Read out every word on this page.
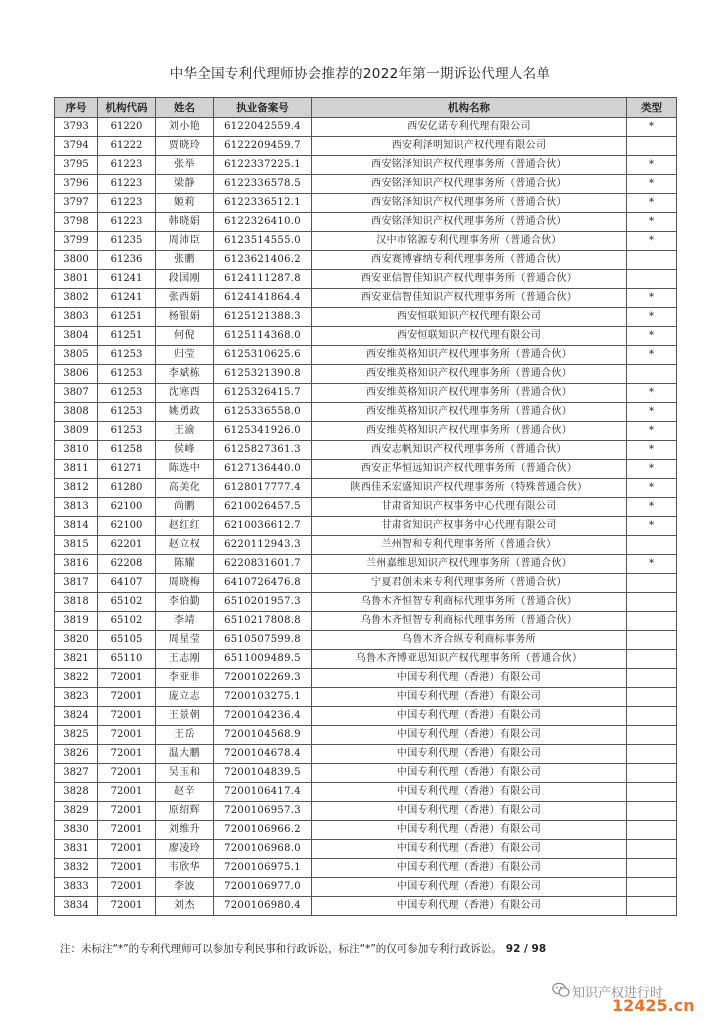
中华全国专利代理师协会推荐的2022年第一期诉讼代理人名单
序号	机构代码	姓名	执业备案号	机构名称	类型
3793	61220	刘小艳	6122042559.4	西安亿诺专利代理有限公司	*
3794	61222	贾晓玲	6122209459.7	西安利泽明知识产权代理有限公司	
3795	61223	张举	6122337225.1	西安铭泽知识产权代理事务所（普通合伙）	*
3796	61223	梁静	6122336578.5	西安铭泽知识产权代理事务所（普通合伙）	*
3797	61223	姬莉	6122336512.1	西安铭泽知识产权代理事务所（普通合伙）	*
3798	61223	韩晓娟	6122326410.0	西安铭泽知识产权代理事务所（普通合伙）	*
3799	61235	周沛臣	6123514555.0	汉中市铭源专利代理事务所（普通合伙）	*
3800	61236	张鹏	6123621406.2	西安赛博睿纳专利代理事务所（普通合伙）	
3801	61241	段国刚	6124111287.8	西安亚信智佳知识产权代理事务所（普通合伙）	
3802	61241	张西娟	6124141864.4	西安亚信智佳知识产权代理事务所（普通合伙）	*
3803	61251	杨银娟	6125121388.3	西安恒联知识产权代理有限公司	*
3804	61251	何倪	6125114368.0	西安恒联知识产权代理有限公司	*
3805	61253	归莹	6125310625.6	西安维英格知识产权代理事务所（普通合伙）	*
3806	61253	李斌栋	6125321390.8	西安维英格知识产权代理事务所（普通合伙）	
3807	61253	沈寒酉	6125326415.7	西安维英格知识产权代理事务所（普通合伙）	*
3808	61253	姚勇政	6125336558.0	西安维英格知识产权代理事务所（普通合伙）	*
3809	61253	王渝	6125341926.0	西安维英格知识产权代理事务所（普通合伙）	*
3810	61258	侯峰	6125827361.3	西安志帆知识产权代理事务所（普通合伙）	*
3811	61271	陈选中	6127136440.0	西安正华恒远知识产权代理事务所（普通合伙）	*
3812	61280	高美化	6128017777.4	陕西佳禾宏盛知识产权代理事务所（特殊普通合伙）	*
3813	62100	尚鹏	6210026457.5	甘肃省知识产权事务中心代理有限公司	*
3814	62100	赵红红	6210036612.7	甘肃省知识产权事务中心代理有限公司	*
3815	62201	赵立权	6220112943.3	兰州智和专利代理事务所（普通合伙）	
3816	62208	陈耀	6220831601.7	兰州嘉维思知识产权代理事务所（普通合伙）	*
3817	64107	周晓梅	6410726476.8	宁夏君创未来专利代理事务所（普通合伙）	
3818	65102	李伯勤	6510201957.3	乌鲁木齐恒智专利商标代理事务所（普通合伙）	
3819	65102	李靖	6510217808.8	乌鲁木齐恒智专利商标代理事务所（普通合伙）	
3820	65105	周星莹	6510507599.8	乌鲁木齐合纵专利商标事务所	
3821	65110	王志刚	6511009489.5	乌鲁木齐博亚思知识产权代理事务所（普通合伙）	
3822	72001	李亚非	7200102269.3	中国专利代理（香港）有限公司	
3823	72001	庞立志	7200103275.1	中国专利代理（香港）有限公司	
3824	72001	王景朝	7200104236.4	中国专利代理（香港）有限公司	
3825	72001	王岳	7200104568.9	中国专利代理（香港）有限公司	
3826	72001	温大鹏	7200104678.4	中国专利代理（香港）有限公司	
3827	72001	吴玉和	7200104839.5	中国专利代理（香港）有限公司	
3828	72001	赵辛	7200106417.4	中国专利代理（香港）有限公司	
3829	72001	原绍辉	7200106957.3	中国专利代理（香港）有限公司	
3830	72001	刘维升	7200106966.2	中国专利代理（香港）有限公司	
3831	72001	廖凌玲	7200106968.0	中国专利代理（香港）有限公司	
3832	72001	韦欣华	7200106975.1	中国专利代理（香港）有限公司	
3833	72001	李波	7200106977.0	中国专利代理（香港）有限公司	
3834	72001	刘杰	7200106980.4	中国专利代理（香港）有限公司	
注：未标注“*”的专利代理师可以参加专利民事和行政诉讼，标注“*”的仅可参加专利行政诉讼。 92 / 98
知识产权进行时
12425.cn
